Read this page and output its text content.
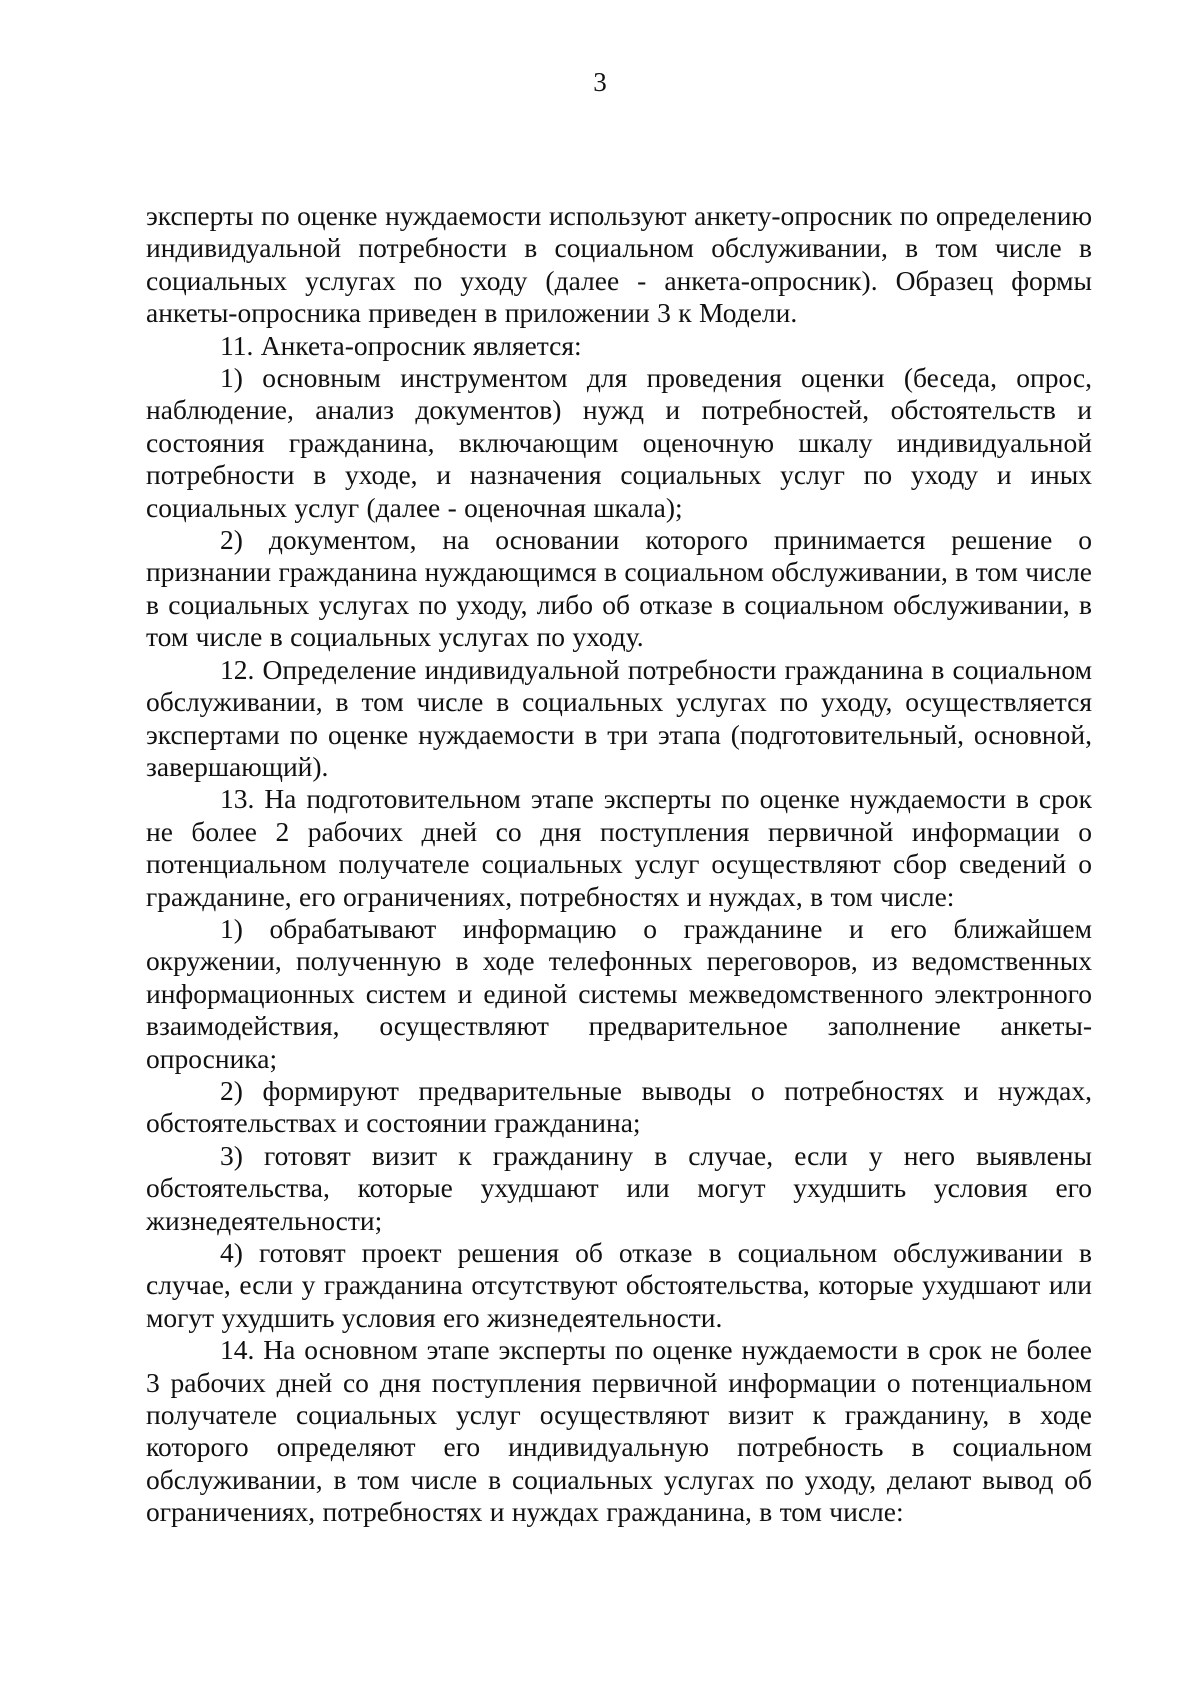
3

эксперты по оценке нуждаемости используют анкету-опросник по определению индивидуальной потребности в социальном обслуживании, в том числе в социальных услугах по уходу (далее - анкета-опросник). Образец формы анкеты-опросника приведен в приложении 3 к Модели.

11. Анкета-опросник является:

1) основным инструментом для проведения оценки (беседа, опрос, наблюдение, анализ документов) нужд и потребностей, обстоятельств и состояния гражданина, включающим оценочную шкалу индивидуальной потребности в уходе, и назначения социальных услуг по уходу и иных социальных услуг (далее - оценочная шкала);

2) документом, на основании которого принимается решение о признании гражданина нуждающимся в социальном обслуживании, в том числе в социальных услугах по уходу, либо об отказе в социальном обслуживании, в том числе в социальных услугах по уходу.

12. Определение индивидуальной потребности гражданина в социальном обслуживании, в том числе в социальных услугах по уходу, осуществляется экспертами по оценке нуждаемости в три этапа (подготовительный, основной, завершающий).

13. На подготовительном этапе эксперты по оценке нуждаемости в срок не более 2 рабочих дней со дня поступления первичной информации о потенциальном получателе социальных услуг осуществляют сбор сведений о гражданине, его ограничениях, потребностях и нуждах, в том числе:

1) обрабатывают информацию о гражданине и его ближайшем окружении, полученную в ходе телефонных переговоров, из ведомственных информационных систем и единой системы межведомственного электронного взаимодействия, осуществляют предварительное заполнение анкеты-опросника;

2) формируют предварительные выводы о потребностях и нуждах, обстоятельствах и состоянии гражданина;

3) готовят визит к гражданину в случае, если у него выявлены обстоятельства, которые ухудшают или могут ухудшить условия его жизнедеятельности;

4) готовят проект решения об отказе в социальном обслуживании в случае, если у гражданина отсутствуют обстоятельства, которые ухудшают или могут ухудшить условия его жизнедеятельности.

14. На основном этапе эксперты по оценке нуждаемости в срок не более 3 рабочих дней со дня поступления первичной информации о потенциальном получателе социальных услуг осуществляют визит к гражданину, в ходе которого определяют его индивидуальную потребность в социальном обслуживании, в том числе в социальных услугах по уходу, делают вывод об ограничениях, потребностях и нуждах гражданина, в том числе:
